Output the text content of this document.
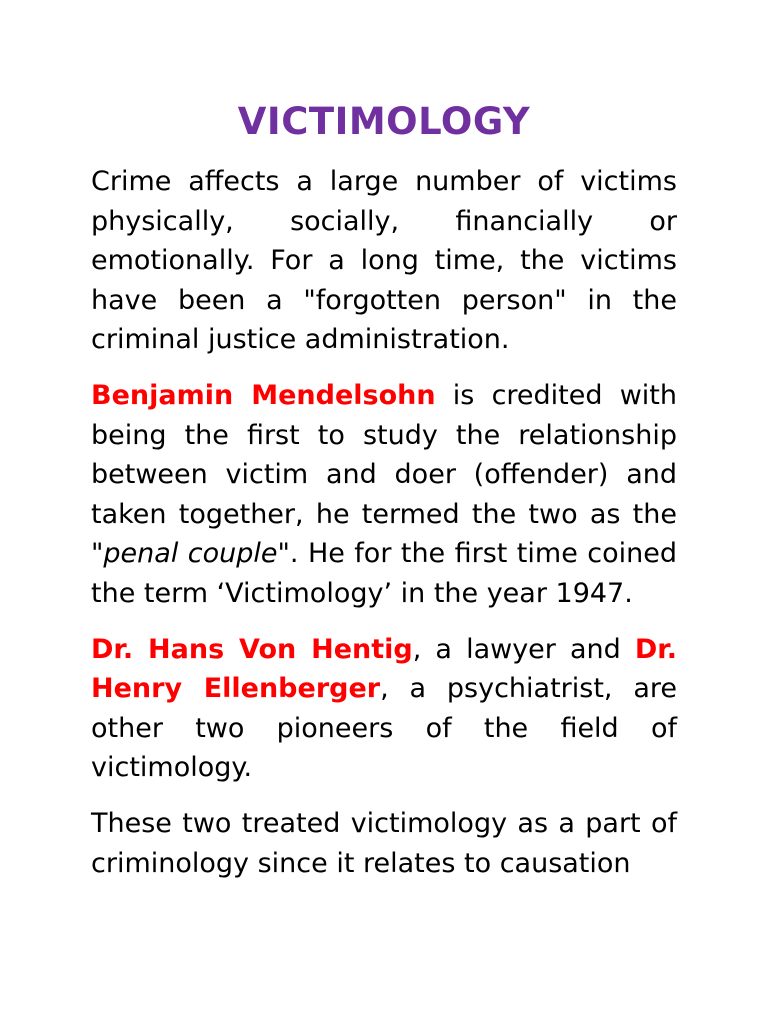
VICTIMOLOGY

Crime affects a large number of victims physically, socially, financially or emotionally. For a long time, the victims have been a "forgotten person" in the criminal justice administration.

Benjamin Mendelsohn is credited with being the first to study the relationship between victim and doer (offender) and taken together, he termed the two as the "penal couple". He for the first time coined the term ‘Victimology’ in the year 1947.

Dr. Hans Von Hentig, a lawyer and Dr. Henry Ellenberger, a psychiatrist, are other two pioneers of the field of victimology.

These two treated victimology as a part of criminology since it relates to causation
